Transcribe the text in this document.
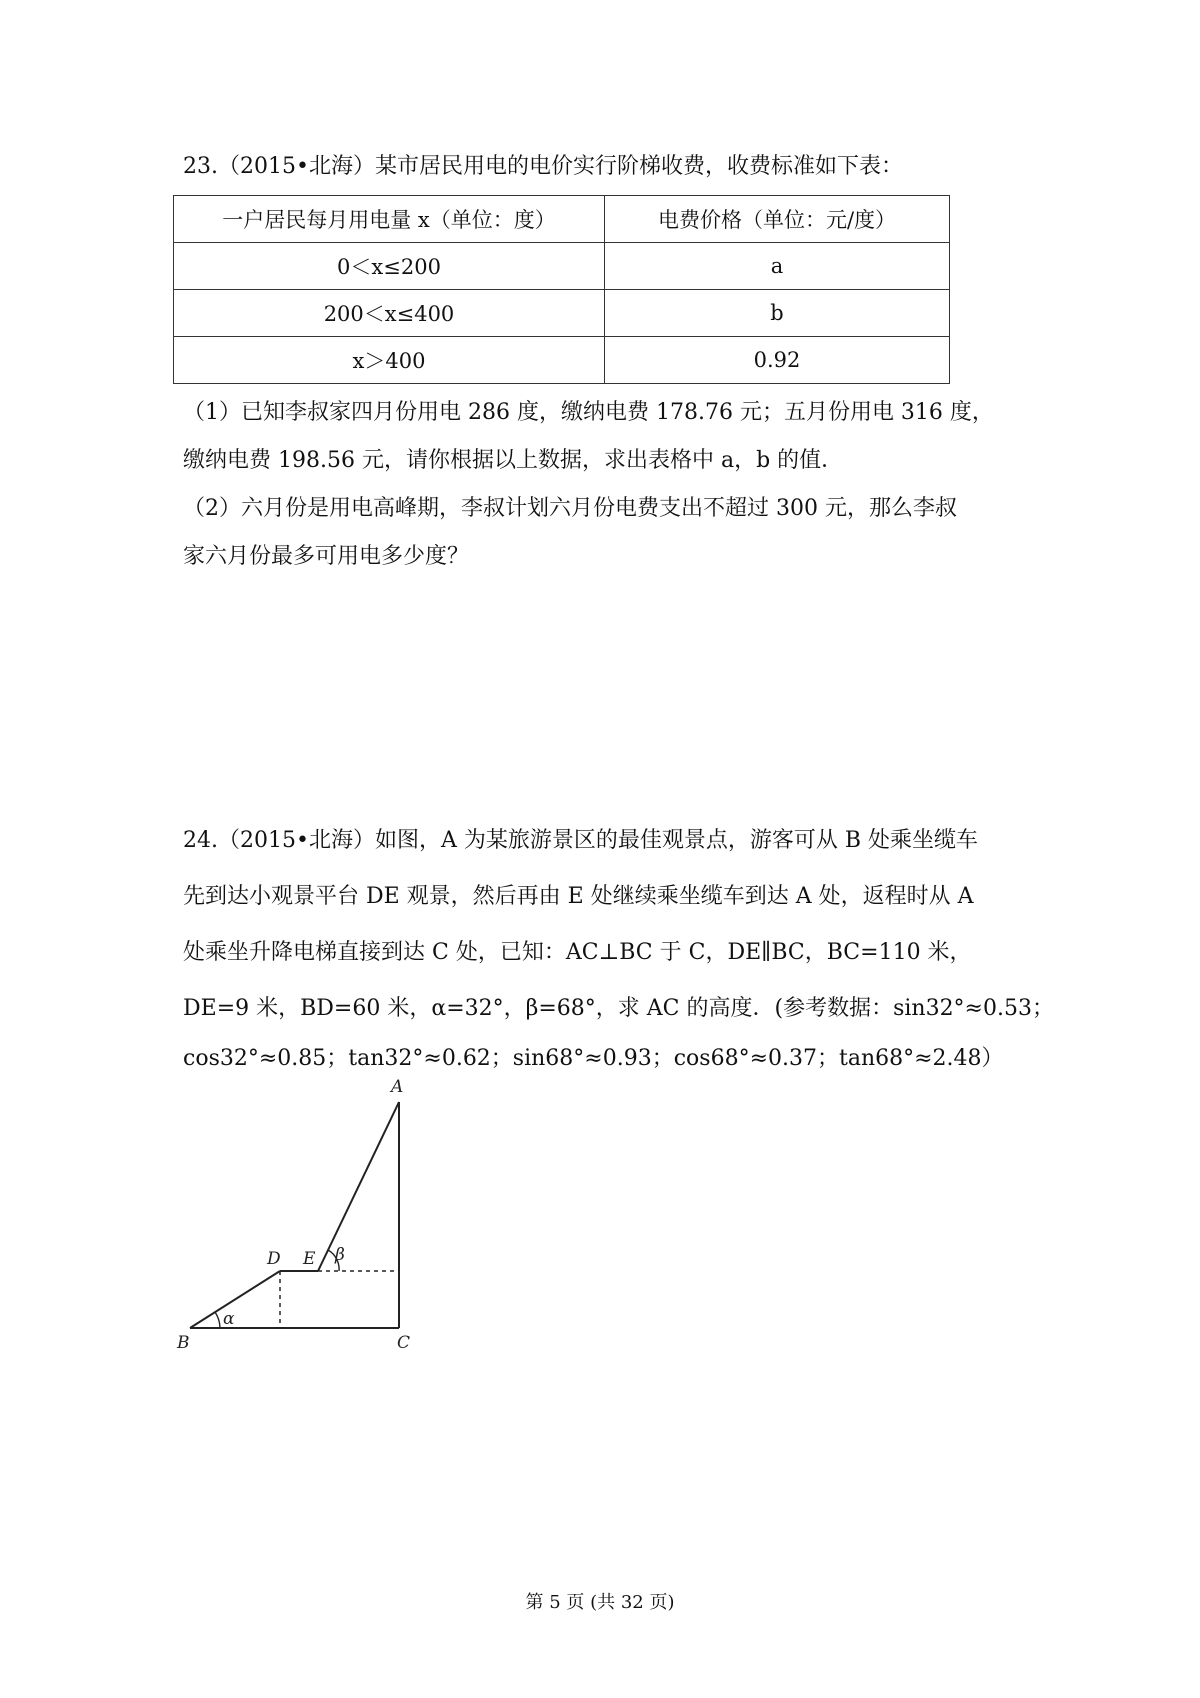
23.（2015•北海）某市居民用电的电价实行阶梯收费，收费标准如下表：
一户居民每月用电量 x（单位：度）	电费价格（单位：元/度）
0＜x≤200	a
200＜x≤400	b
x＞400	0.92
（1）已知李叔家四月份用电 286 度，缴纳电费 178.76 元；五月份用电 316 度，
缴纳电费 198.56 元，请你根据以上数据，求出表格中 a，b 的值．
（2）六月份是用电高峰期，李叔计划六月份电费支出不超过 300 元，那么李叔
家六月份最多可用电多少度？
24.（2015•北海）如图，A 为某旅游景区的最佳观景点，游客可从 B 处乘坐缆车
先到达小观景平台 DE 观景，然后再由 E 处继续乘坐缆车到达 A 处，返程时从 A
处乘坐升降电梯直接到达 C 处，已知：AC⊥BC 于 C，DE∥BC，BC=110 米，
DE=9 米，BD=60 米，α=32°，β=68°，求 AC 的高度．(参考数据：sin32°≈0.53；
cos32°≈0.85；tan32°≈0.62；sin68°≈0.93；cos68°≈0.37；tan68°≈2.48）
A
B	C
D E
α
β
第 5 页 (共 32 页)
